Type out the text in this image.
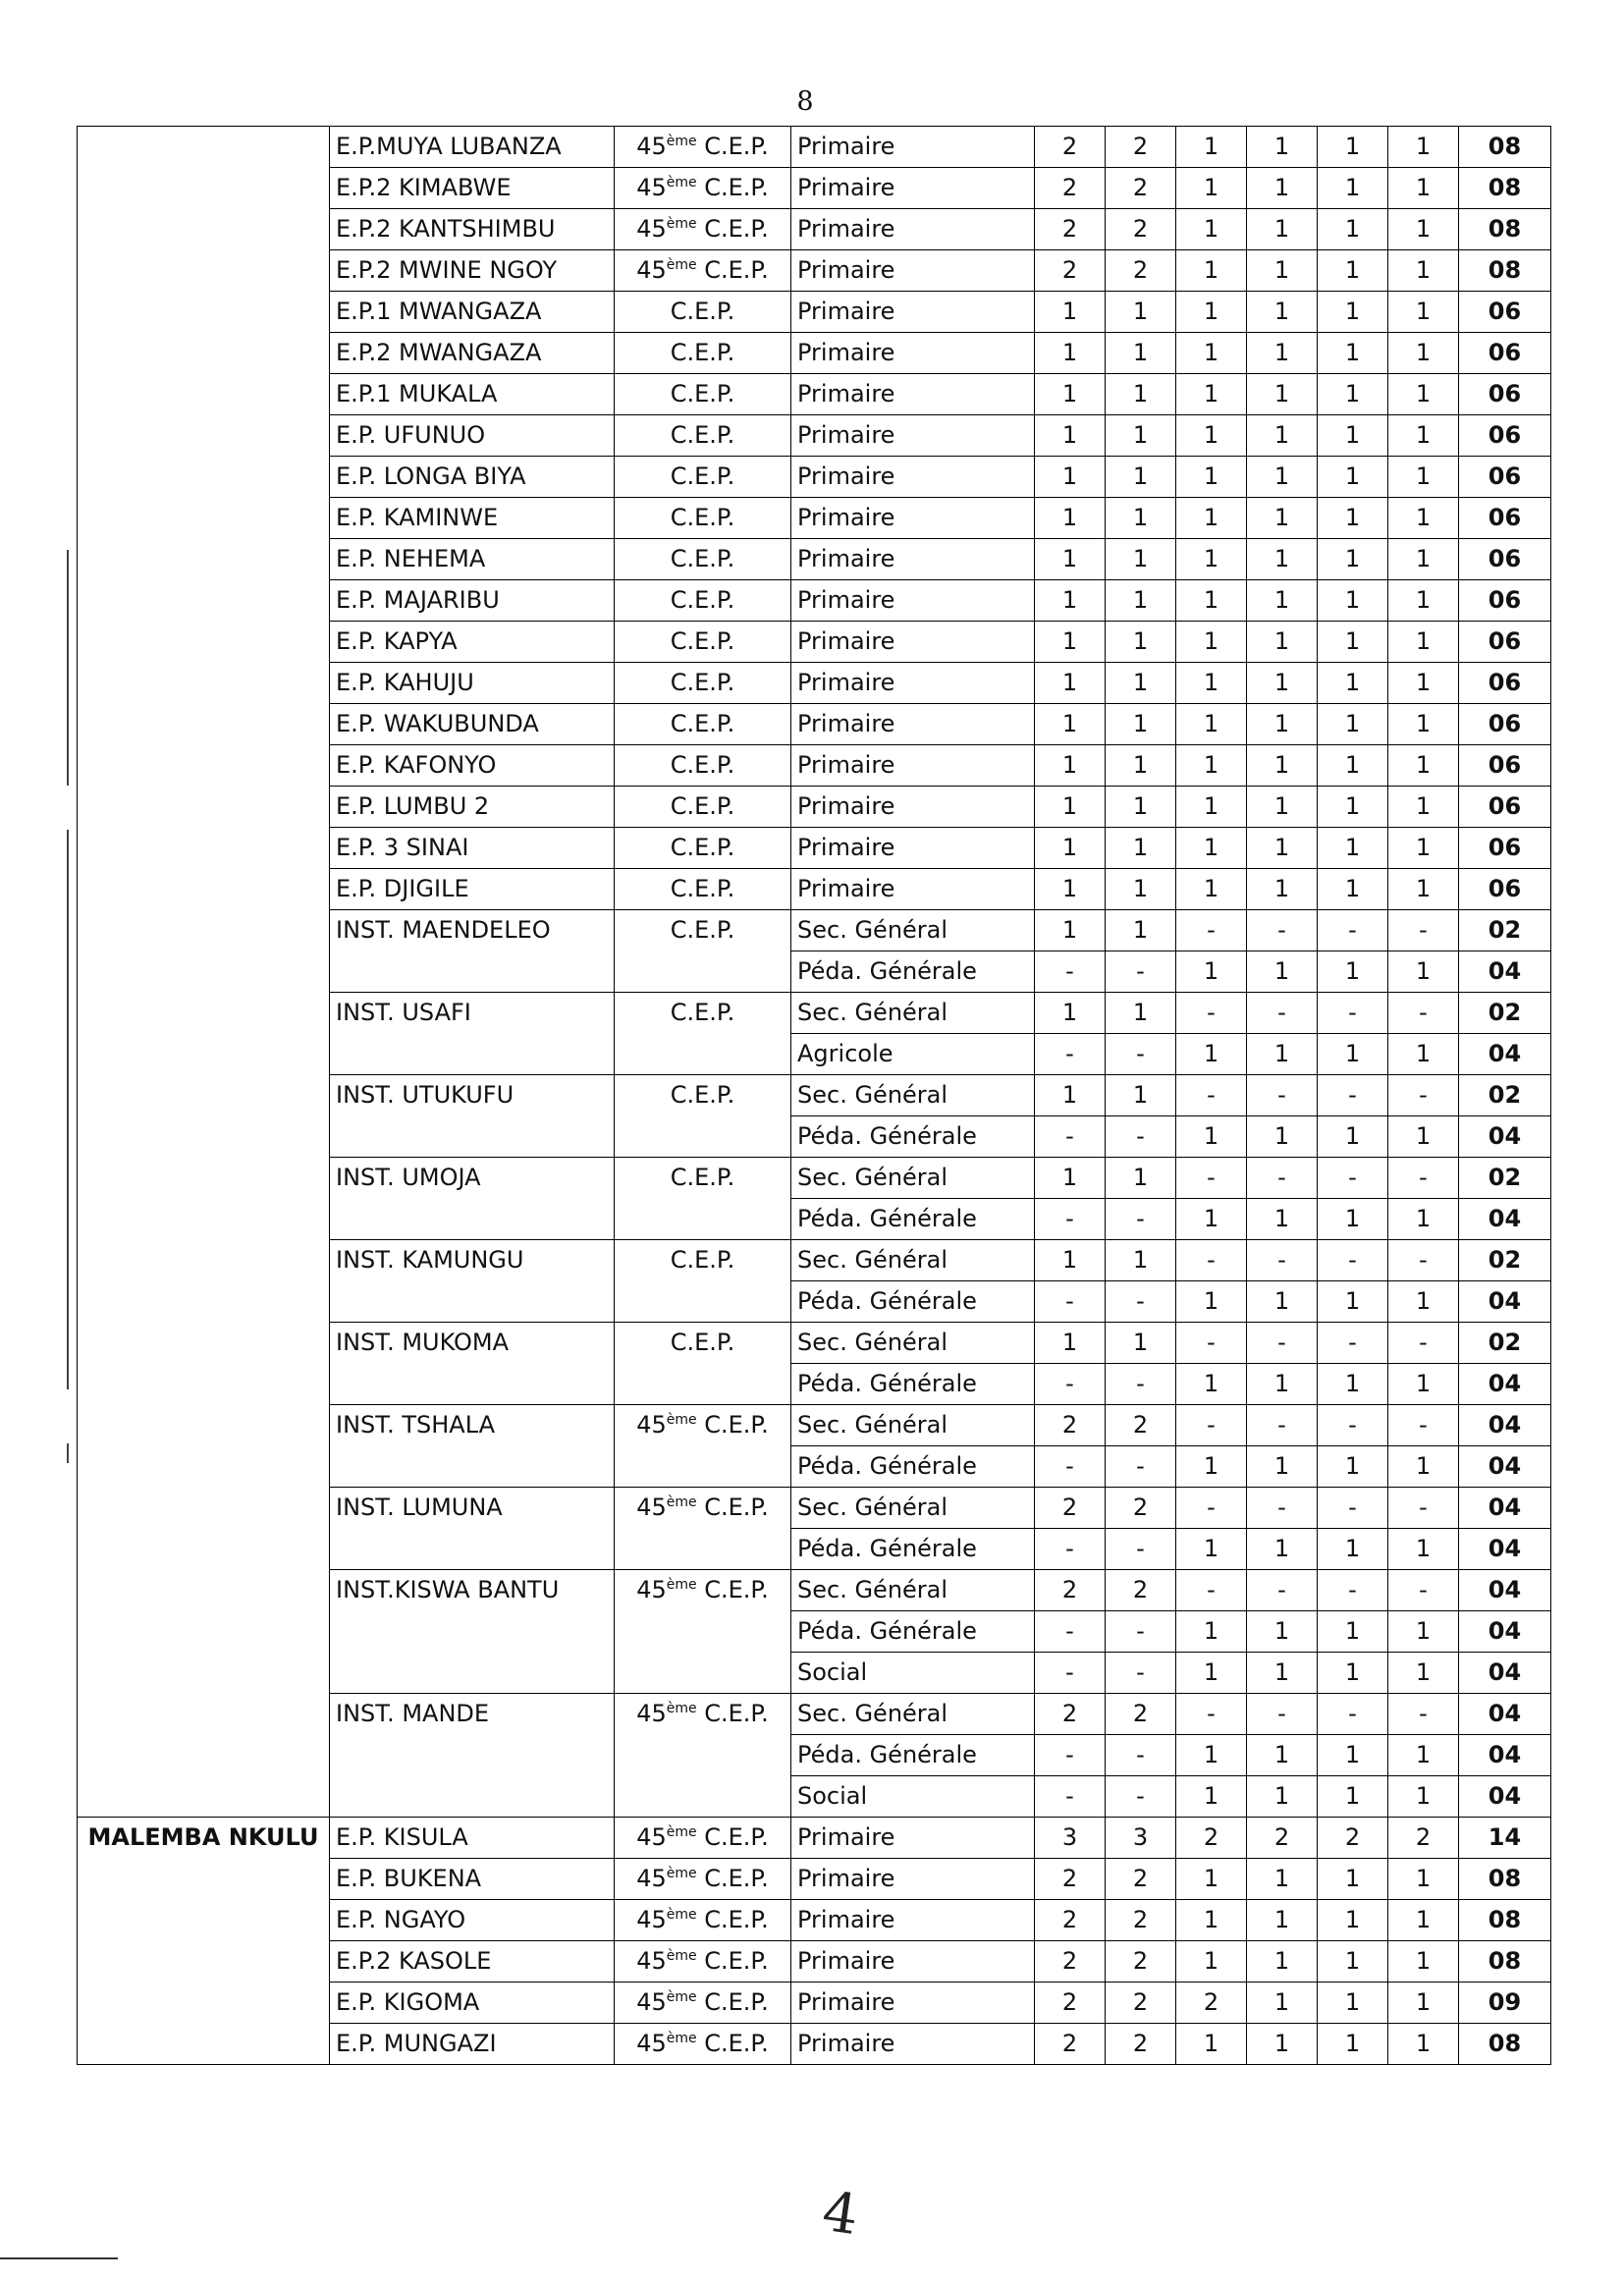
8
	E.P.MUYA LUBANZA	45ème C.E.P.	Primaire	2	2	1	1	1	1	08
	E.P.2 KIMABWE	45ème C.E.P.	Primaire	2	2	1	1	1	1	08
	E.P.2 KANTSHIMBU	45ème C.E.P.	Primaire	2	2	1	1	1	1	08
	E.P.2 MWINE NGOY	45ème C.E.P.	Primaire	2	2	1	1	1	1	08
	E.P.1 MWANGAZA	C.E.P.	Primaire	1	1	1	1	1	1	06
	E.P.2 MWANGAZA	C.E.P.	Primaire	1	1	1	1	1	1	06
	E.P.1 MUKALA	C.E.P.	Primaire	1	1	1	1	1	1	06
	E.P. UFUNUO	C.E.P.	Primaire	1	1	1	1	1	1	06
	E.P. LONGA BIYA	C.E.P.	Primaire	1	1	1	1	1	1	06
	E.P. KAMINWE	C.E.P.	Primaire	1	1	1	1	1	1	06
	E.P. NEHEMA	C.E.P.	Primaire	1	1	1	1	1	1	06
	E.P. MAJARIBU	C.E.P.	Primaire	1	1	1	1	1	1	06
	E.P. KAPYA	C.E.P.	Primaire	1	1	1	1	1	1	06
	E.P. KAHUJU	C.E.P.	Primaire	1	1	1	1	1	1	06
	E.P. WAKUBUNDA	C.E.P.	Primaire	1	1	1	1	1	1	06
	E.P. KAFONYO	C.E.P.	Primaire	1	1	1	1	1	1	06
	E.P. LUMBU 2	C.E.P.	Primaire	1	1	1	1	1	1	06
	E.P. 3 SINAI	C.E.P.	Primaire	1	1	1	1	1	1	06
	E.P. DJIGILE	C.E.P.	Primaire	1	1	1	1	1	1	06
	INST. MAENDELEO	C.E.P.	Sec. Général	1	1	-	-	-	-	02
			Péda. Générale	-	-	1	1	1	1	04
	INST. USAFI	C.E.P.	Sec. Général	1	1	-	-	-	-	02
			Agricole	-	-	1	1	1	1	04
	INST. UTUKUFU	C.E.P.	Sec. Général	1	1	-	-	-	-	02
			Péda. Générale	-	-	1	1	1	1	04
	INST. UMOJA	C.E.P.	Sec. Général	1	1	-	-	-	-	02
			Péda. Générale	-	-	1	1	1	1	04
	INST. KAMUNGU	C.E.P.	Sec. Général	1	1	-	-	-	-	02
			Péda. Générale	-	-	1	1	1	1	04
	INST. MUKOMA	C.E.P.	Sec. Général	1	1	-	-	-	-	02
			Péda. Générale	-	-	1	1	1	1	04
	INST. TSHALA	45ème C.E.P.	Sec. Général	2	2	-	-	-	-	04
			Péda. Générale	-	-	1	1	1	1	04
	INST. LUMUNA	45ème C.E.P.	Sec. Général	2	2	-	-	-	-	04
			Péda. Générale	-	-	1	1	1	1	04
	INST.KISWA BANTU	45ème C.E.P.	Sec. Général	2	2	-	-	-	-	04
			Péda. Générale	-	-	1	1	1	1	04
			Social	-	-	1	1	1	1	04
	INST. MANDE	45ème C.E.P.	Sec. Général	2	2	-	-	-	-	04
			Péda. Générale	-	-	1	1	1	1	04
			Social	-	-	1	1	1	1	04
MALEMBA NKULU	E.P. KISULA	45ème C.E.P.	Primaire	3	3	2	2	2	2	14
	E.P. BUKENA	45ème C.E.P.	Primaire	2	2	1	1	1	1	08
	E.P. NGAYO	45ème C.E.P.	Primaire	2	2	1	1	1	1	08
	E.P.2 KASOLE	45ème C.E.P.	Primaire	2	2	1	1	1	1	08
	E.P. KIGOMA	45ème C.E.P.	Primaire	2	2	2	1	1	1	09
	E.P. MUNGAZI	45ème C.E.P.	Primaire	2	2	1	1	1	1	08
4
